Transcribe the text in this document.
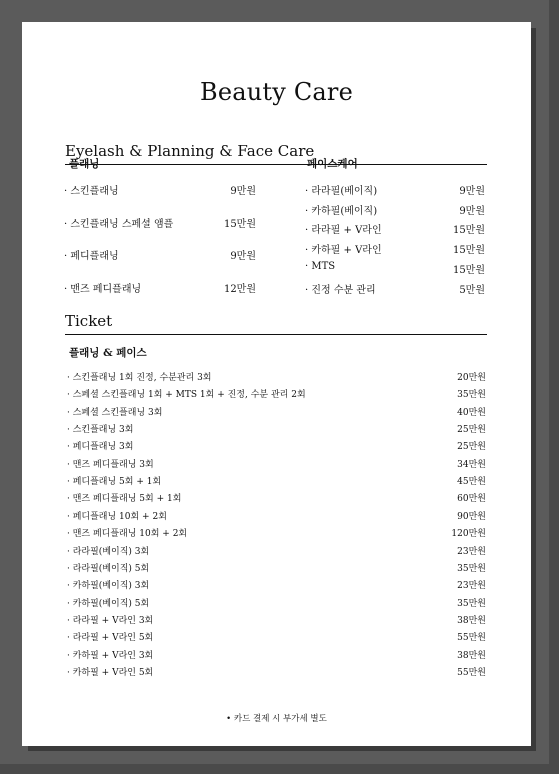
Beauty Care
Eyelash & Planning & Face Care
플래닝
· 스킨플래닝	9만원
· 스킨플래닝 스페셜 앰플	15만원
· 페디플래닝	9만원
· 맨즈 페디플래닝	12만원
페이스케어
· 라라필(베이직)	9만원
· 카하필(베이직)	9만원
· 라라필 + V라인	15만원
· 카하필 + V라인	15만원
· MTS	15만원
· 진정 수분 관리	5만원
Ticket
플래닝 & 페이스
· 스킨플래닝 1회 진정, 수분관리 3회	20만원
· 스페셜 스킨플래닝 1회 + MTS 1회 + 진정, 수분 관리 2회	35만원
· 스페셜 스킨플래닝 3회	40만원
· 스킨플래닝 3회	25만원
· 페디플래닝 3회	25만원
· 맨즈 페디플래닝 3회	34만원
· 페디플래닝 5회 + 1회	45만원
· 맨즈 페디플래닝 5회 + 1회	60만원
· 페디플래닝 10회 + 2회	90만원
· 맨즈 페디플래닝 10회 + 2회	120만원
· 라라필(베이직) 3회	23만원
· 라라필(베이직) 5회	35만원
· 카하필(베이직) 3회	23만원
· 카하필(베이직) 5회	35만원
· 라라필 + V라인 3회	38만원
· 라라필 + V라인 5회	55만원
· 카하필 + V라인 3회	38만원
· 카하필 + V라인 5회	55만원
• 카드 결제 시 부가세 별도
